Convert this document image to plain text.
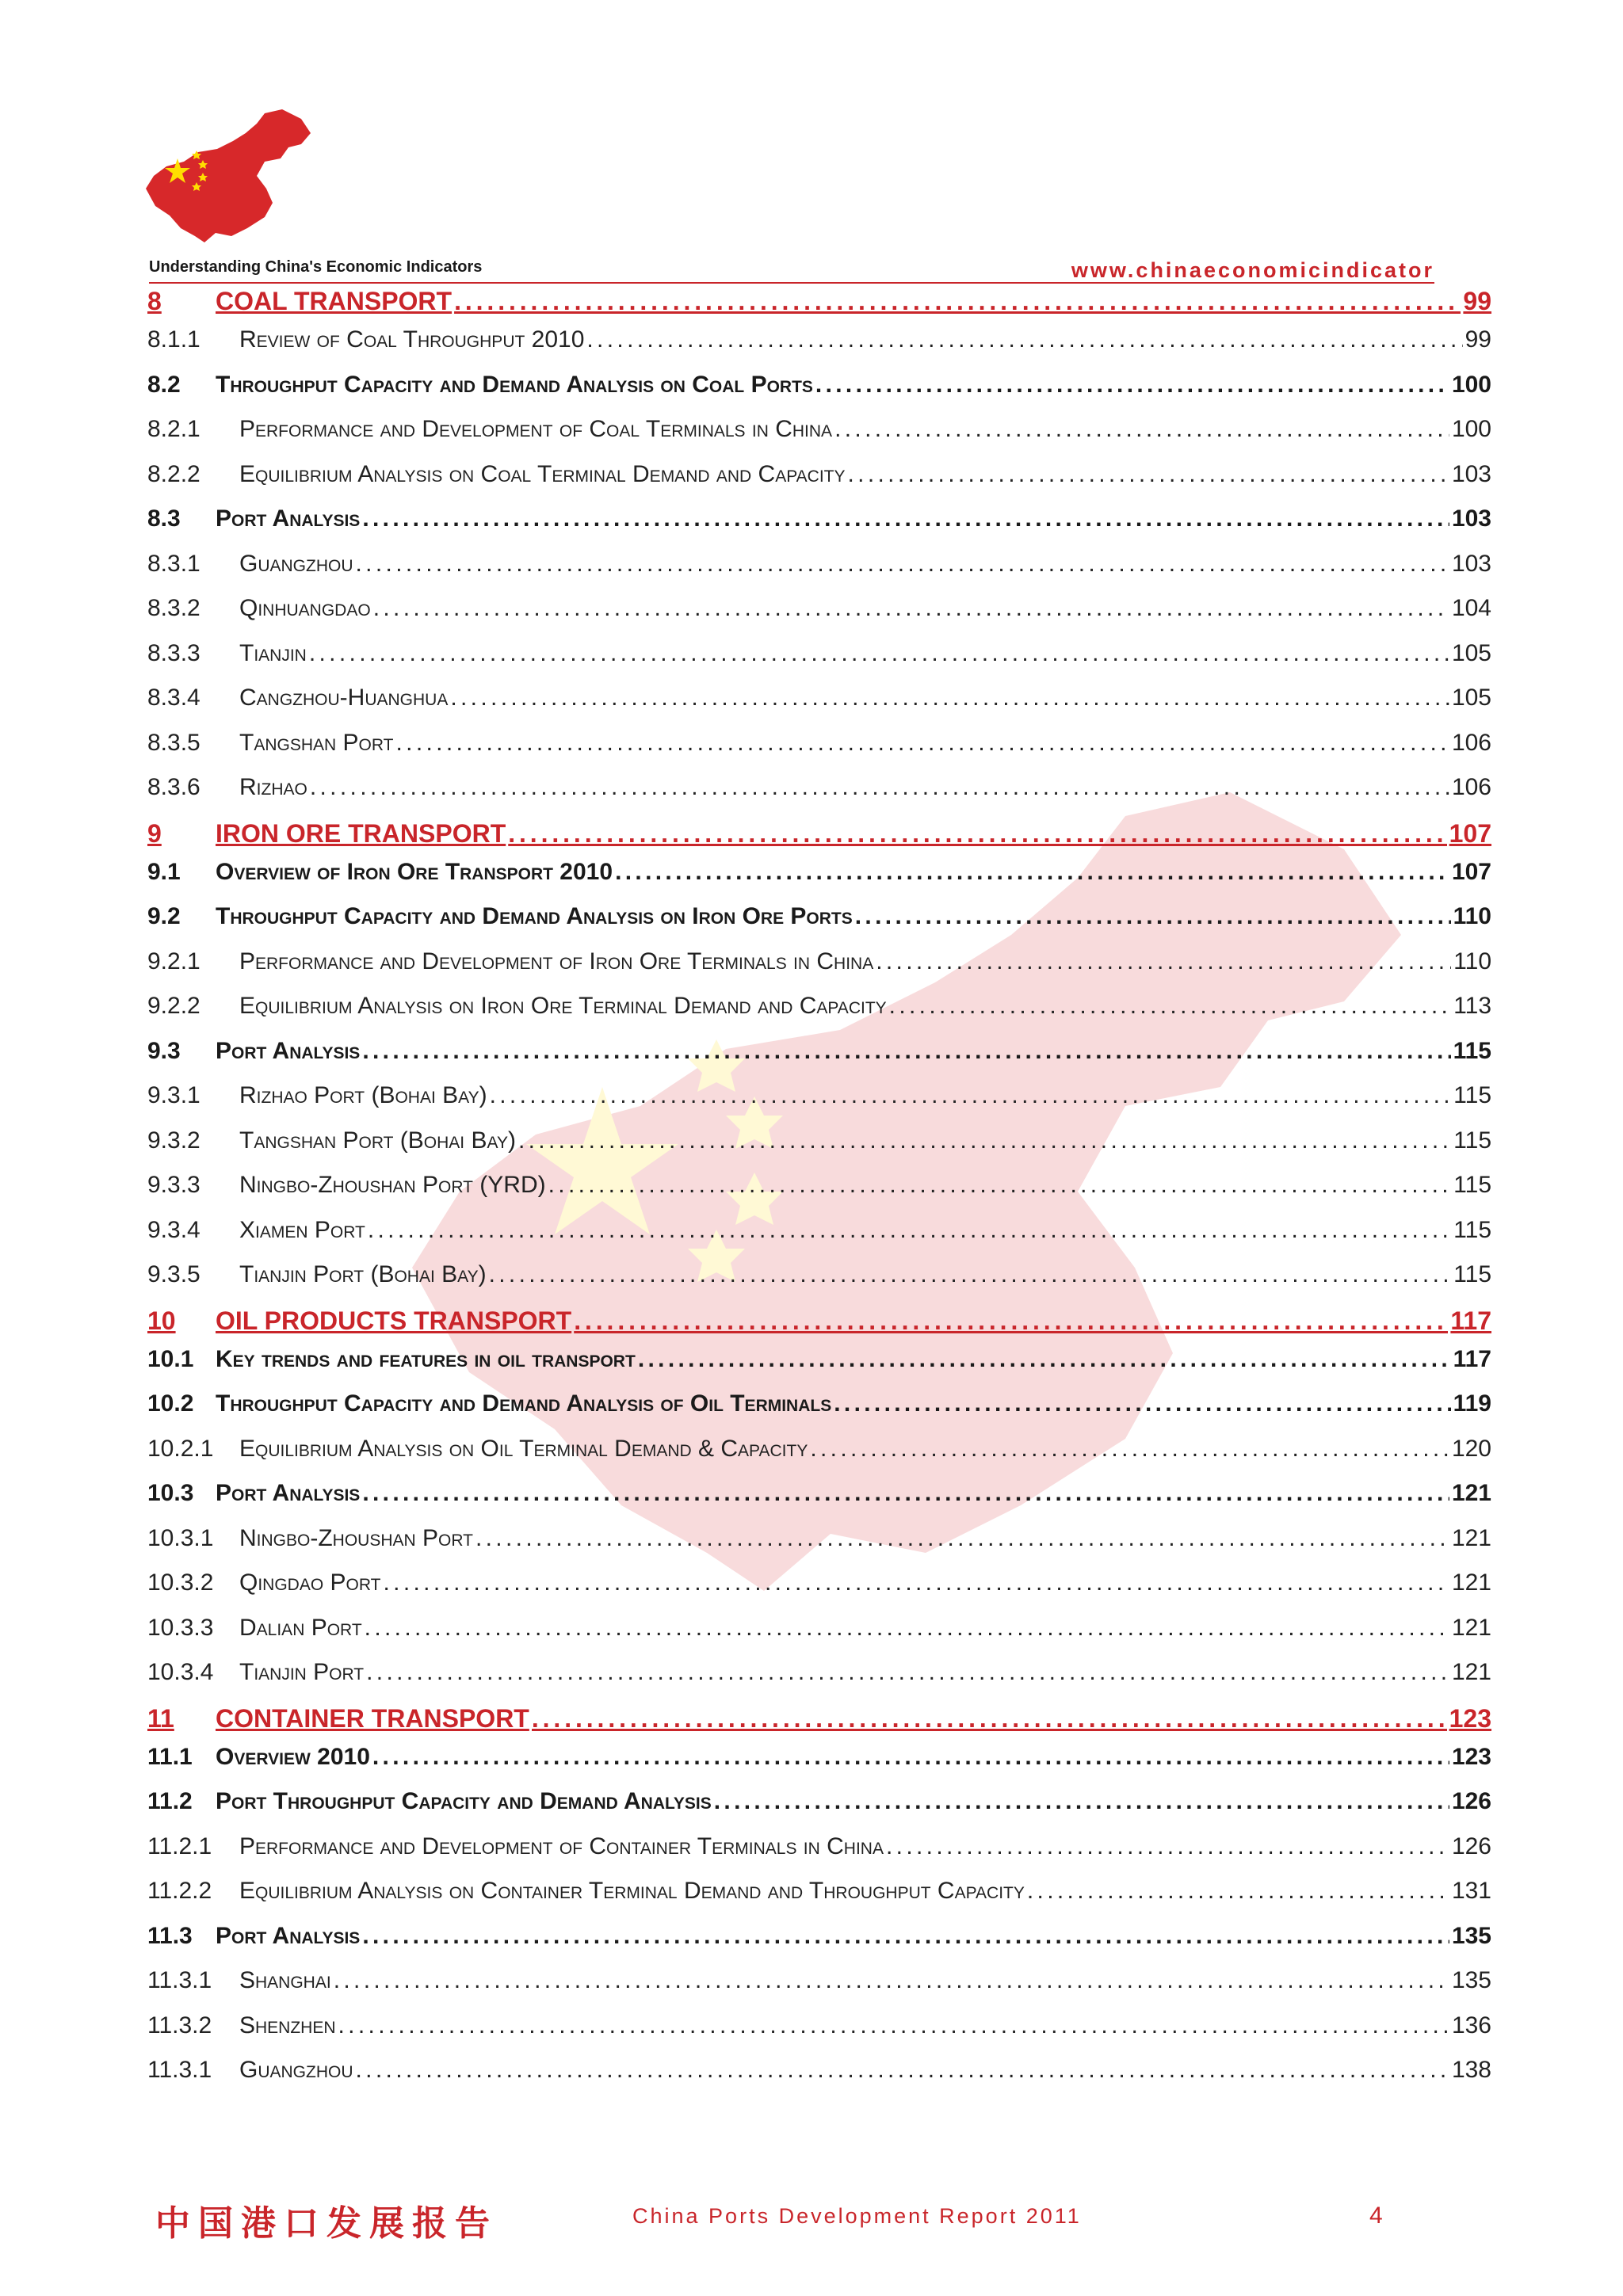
Understanding China's Economic Indicators	www.chinaeconomicindicator
8	COAL TRANSPORT . . .	99
8.1.1	Review of Coal Throughput 2010 . . .	99
8.2	Throughput Capacity and Demand Analysis on Coal Ports . . .	100
8.2.1	Performance and Development of Coal Terminals in China . . .	100
8.2.2	Equilibrium Analysis on Coal Terminal Demand and Capacity . . .	103
8.3	Port Analysis . . .	103
8.3.1	Guangzhou . . .	103
8.3.2	Qinhuangdao . . .	104
8.3.3	Tianjin . . .	105
8.3.4	Cangzhou-Huanghua . . .	105
8.3.5	Tangshan Port . . .	106
8.3.6	Rizhao . . .	106
9	IRON ORE TRANSPORT . . .	107
9.1	Overview of Iron Ore Transport 2010 . . .	107
9.2	Throughput Capacity and Demand Analysis on Iron Ore Ports . . .	110
9.2.1	Performance and Development of Iron Ore Terminals in China . . .	110
9.2.2	Equilibrium Analysis on Iron Ore Terminal Demand and Capacity . . .	113
9.3	Port Analysis . . .	115
9.3.1	Rizhao Port (Bohai Bay) . . .	115
9.3.2	Tangshan Port (Bohai Bay) . . .	115
9.3.3	Ningbo-Zhoushan Port (YRD) . . .	115
9.3.4	Xiamen Port . . .	115
9.3.5	Tianjin Port (Bohai Bay) . . .	115
10	OIL PRODUCTS TRANSPORT . . .	117
10.1 Key trends and features in oil transport . . .	117
10.2 Throughput Capacity and Demand Analysis of Oil Terminals . . .	119
10.2.1	Equilibrium Analysis on Oil Terminal Demand & Capacity . . .	120
10.3 Port Analysis . . .	121
10.3.1	Ningbo-Zhoushan Port . . .	121
10.3.2	Qingdao Port . . .	121
10.3.3	Dalian Port . . .	121
10.3.4	Tianjin Port . . .	121
11	CONTAINER TRANSPORT . . .	123
11.1 Overview 2010 . . .	123
11.2 Port Throughput Capacity and Demand Analysis . . .	126
11.2.1	Performance and Development of Container Terminals in China . . .	126
11.2.2	Equilibrium Analysis on Container Terminal Demand and Throughput Capacity . . .	131
11.3 Port Analysis . . .	135
11.3.1	Shanghai . . .	135
11.3.2	Shenzhen . . .	136
11.3.1	Guangzhou . . .	138
中国港口发展报告	China Ports Development Report 2011	4
